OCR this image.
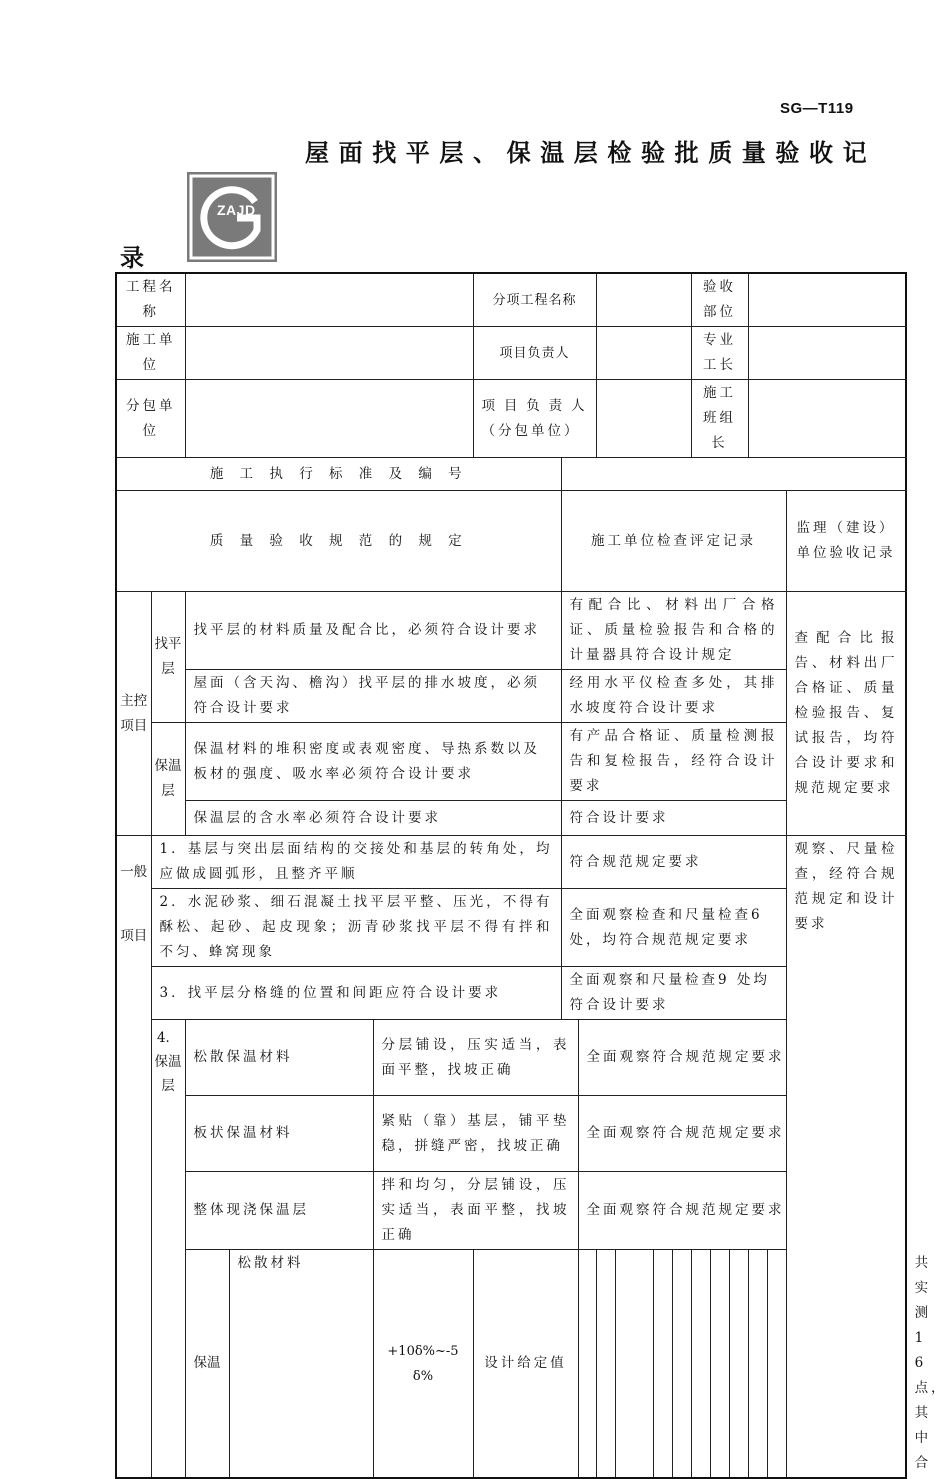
SG—T119
屋面找平层、保温层检验批质量验收记
ZAJD
录
工程名称					分项工程名称							验收部位						
施工单位					项目负责人							专业工长						
分包单位					项目负责人（分包单位）							施工班组长						
施 工 执 行 标 准 及 编 号																		
质 量 验 收 规 范 的 规 定						施工单位检查评定记录											监理（建设）单位验收记录	
主控项目	找平层	找平层的材料质量及配合比，必须符合设计要求				有配合比、材料出厂合格证、质量检验报告和合格的计量器具符合设计规定											查配合比报告、材料出厂合格证、质量检验报告、复试报告，均符合设计要求和规范规定要求	
		屋面（含天沟、檐沟）找平层的排水坡度，必须符合设计要求				经用水平仪检查多处，其排水坡度符合设计要求												
	保温层	保温材料的堆积密度或表观密度、导热系数以及板材的强度、吸水率必须符合设计要求				有产品合格证、质量检测报告和复检报告，经符合设计要求												
		保温层的含水率必须符合设计要求				符合设计要求												
一般项目	1．基层与突出层面结构的交接处和基层的转角处，均应做成圆弧形，且整齐平顺					符合规范规定要求											观察、尺量检查，经符合规范规定和设计要求	
	2．水泥砂浆、细石混凝土找平层平整、压光，不得有酥松、起砂、起皮现象；沥青砂浆找平层不得有拌和不匀、蜂窝现象					全面观察检查和尺量检查6处，均符合规范规定要求												
	3．找平层分格缝的位置和间距应符合设计要求					全面观察和尺量检查9 处均符合设计要求												
	4．保温层	松散保温材料		分层铺设，压实适当，表面平整，找坡正确			全面观察符合规范规定要求											
		板状保温材料		紧贴（靠）基层，铺平垫稳，拼缝严密，找坡正确			全面观察符合规范规定要求											
		整体现浇保温层		拌和均匀，分层铺设，压实适当，表面平整，找坡正确			全面观察符合规范规定要求											
		保温	松散材料	+10δ%~-5δ%	设计给定值													共实测16点，其中合
